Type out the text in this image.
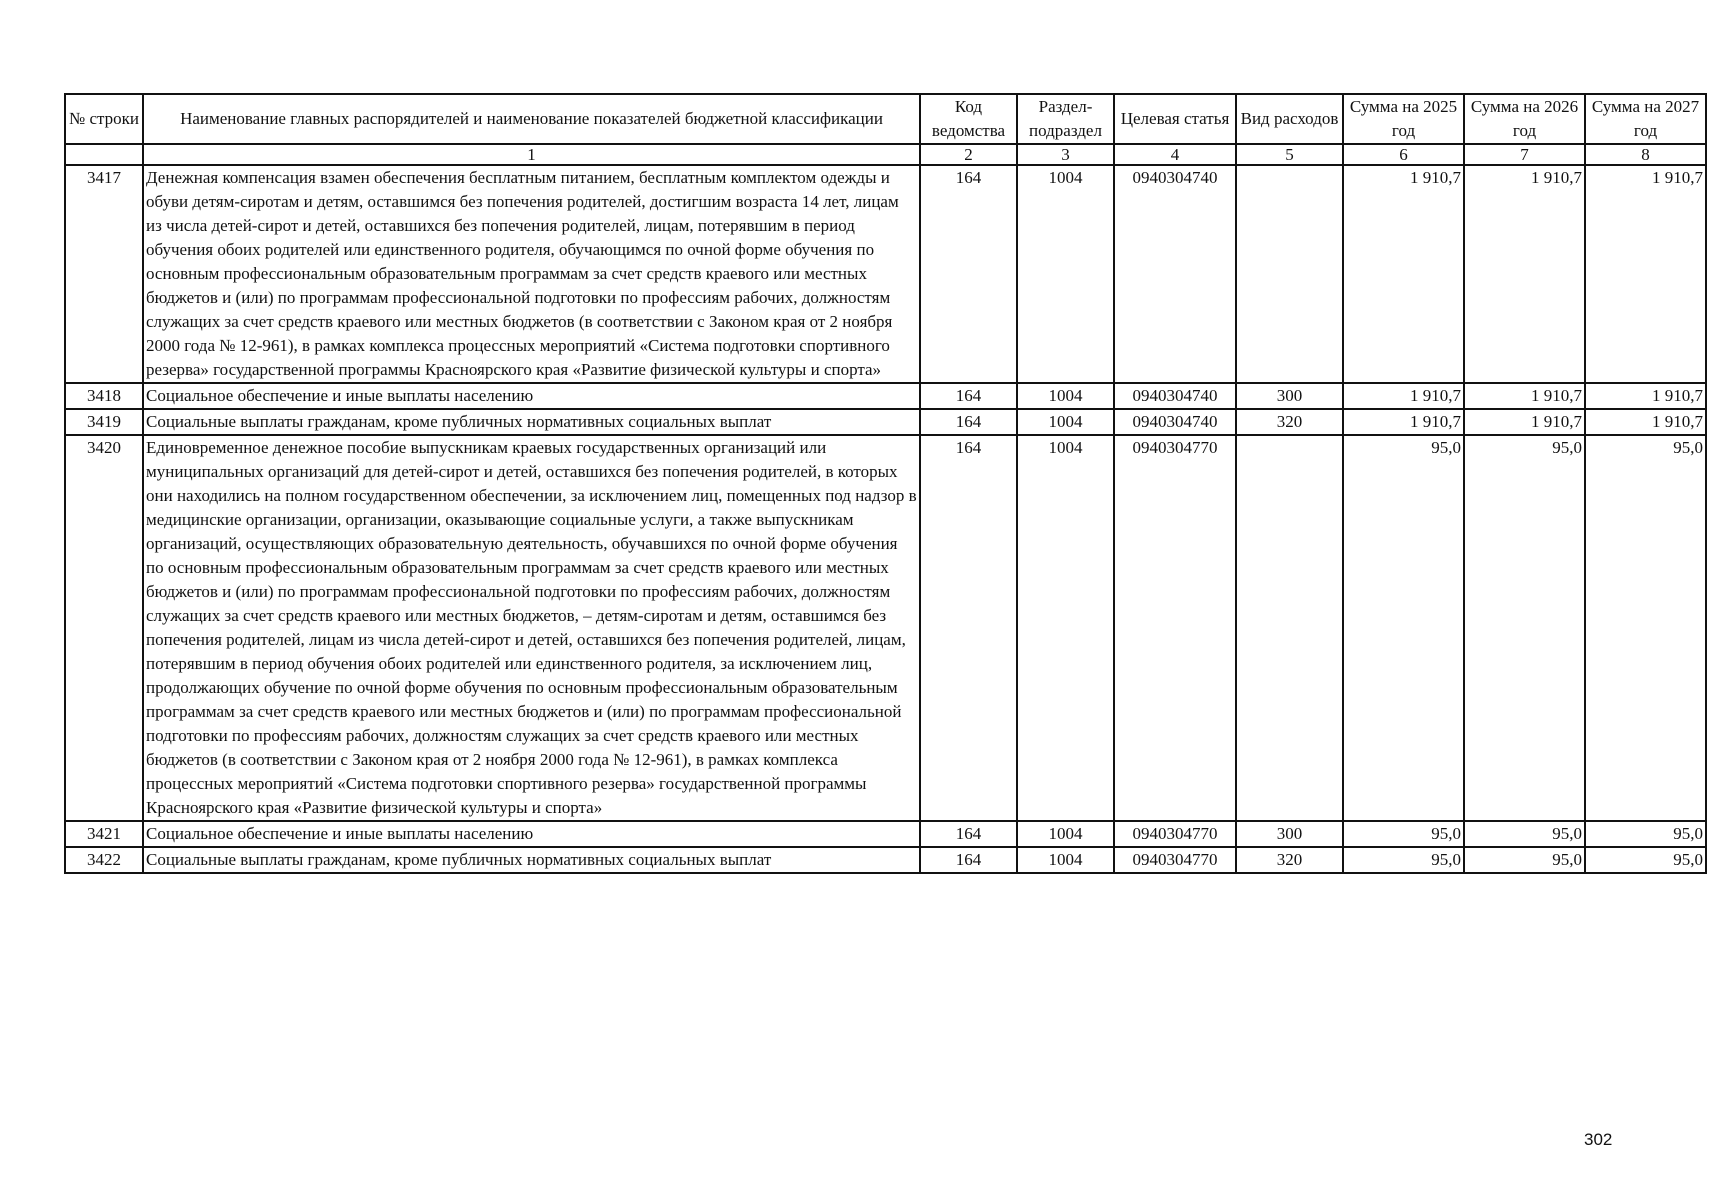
№ строки	Наименование главных распорядителей и наименование показателей бюджетной классификации	Код ведомства	Раздел- подраздел	Целевая статья	Вид расходов	Сумма на 2025 год	Сумма на 2026 год	Сумма на 2027 год
	1	2	3	4	5	6	7	8
3417	Денежная компенсация взамен обеспечения бесплатным питанием, бесплатным комплектом одежды и обуви детям-сиротам и детям, оставшимся без попечения родителей, достигшим возраста 14 лет, лицам из числа детей-сирот и детей, оставшихся без попечения родителей, лицам, потерявшим в период обучения обоих родителей или единственного родителя, обучающимся по очной форме обучения по основным профессиональным образовательным программам за счет средств краевого или местных бюджетов и (или) по программам профессиональной подготовки по профессиям рабочих, должностям служащих за счет средств краевого или местных бюджетов (в соответствии с Законом края от 2 ноября 2000 года № 12-961), в рамках комплекса процессных мероприятий «Система подготовки спортивного резерва» государственной программы Красноярского края «Развитие физической культуры и спорта»	164	1004	0940304740		1 910,7	1 910,7	1 910,7
3418	Социальное обеспечение и иные выплаты населению	164	1004	0940304740	300	1 910,7	1 910,7	1 910,7
3419	Социальные выплаты гражданам, кроме публичных нормативных социальных выплат	164	1004	0940304740	320	1 910,7	1 910,7	1 910,7
3420	Единовременное денежное пособие выпускникам краевых государственных организаций или муниципальных организаций для детей-сирот и детей, оставшихся без попечения родителей, в которых они находились на полном государственном обеспечении, за исключением лиц, помещенных под надзор в медицинские организации, организации, оказывающие социальные услуги, а также выпускникам организаций, осуществляющих образовательную деятельность, обучавшихся по очной форме обучения по основным профессиональным образовательным программам за счет средств краевого или местных бюджетов и (или) по программам профессиональной подготовки по профессиям рабочих, должностям служащих за счет средств краевого или местных бюджетов, – детям-сиротам и детям, оставшимся без попечения родителей, лицам из числа детей-сирот и детей, оставшихся без попечения родителей, лицам, потерявшим в период обучения обоих родителей или единственного родителя, за исключением лиц, продолжающих обучение по очной форме обучения по основным профессиональным образовательным программам за счет средств краевого или местных бюджетов и (или) по программам профессиональной подготовки по профессиям рабочих, должностям служащих за счет средств краевого или местных бюджетов (в соответствии с Законом края от 2 ноября 2000 года № 12-961), в рамках комплекса процессных мероприятий «Система подготовки спортивного резерва» государственной программы Красноярского края «Развитие физической культуры и спорта»	164	1004	0940304770		95,0	95,0	95,0
3421	Социальное обеспечение и иные выплаты населению	164	1004	0940304770	300	95,0	95,0	95,0
3422	Социальные выплаты гражданам, кроме публичных нормативных социальных выплат	164	1004	0940304770	320	95,0	95,0	95,0
302
